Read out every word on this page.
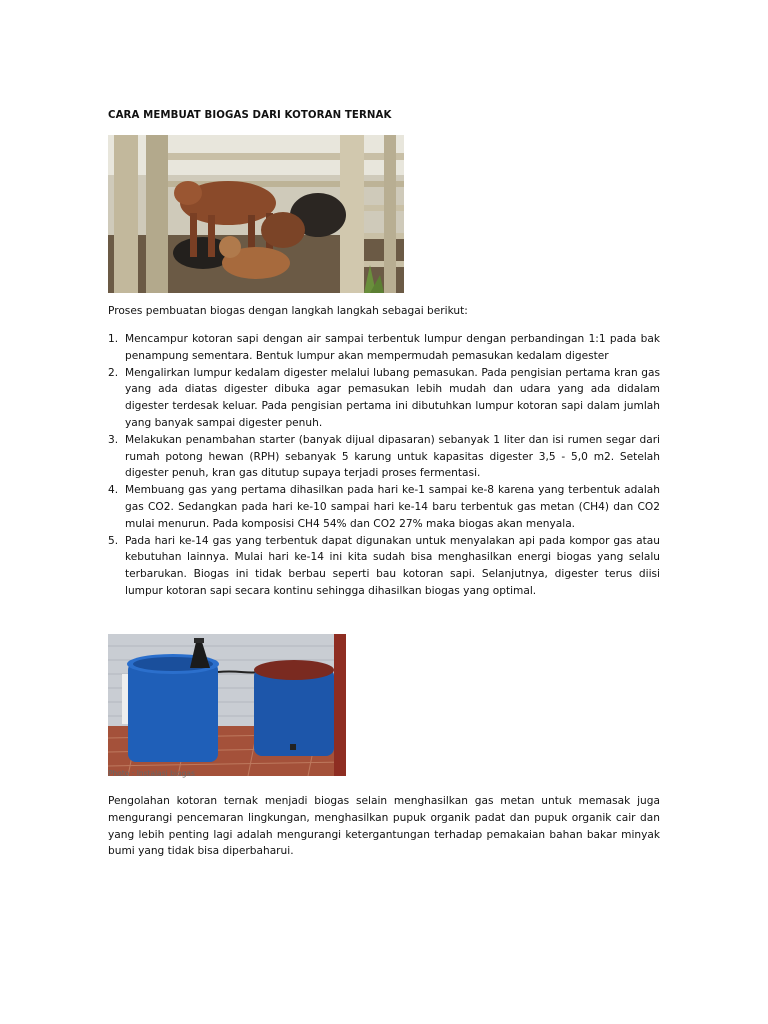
CARA MEMBUAT BIOGAS DARI KOTORAN TERNAK
Proses pembuatan biogas dengan langkah langkah sebagai berikut:
1. Mencampur kotoran sapi dengan air sampai terbentuk lumpur dengan perbandingan 1:1 pada bak penampung sementara. Bentuk lumpur akan mempermudah pemasukan kedalam digester
2. Mengalirkan lumpur kedalam digester melalui lubang pemasukan. Pada pengisian pertama kran gas yang ada diatas digester dibuka agar pemasukan lebih mudah dan udara yang ada didalam digester terdesak keluar. Pada pengisian pertama ini dibutuhkan lumpur kotoran sapi dalam jumlah yang banyak sampai digester penuh.
3. Melakukan penambahan starter (banyak dijual dipasaran) sebanyak 1 liter dan isi rumen segar dari rumah potong hewan (RPH) sebanyak 5 karung untuk kapasitas digester 3,5 - 5,0 m2. Setelah digester penuh, kran gas ditutup supaya terjadi proses fermentasi.
4. Membuang gas yang pertama dihasilkan pada hari ke-1 sampai ke-8 karena yang terbentuk adalah gas CO2. Sedangkan pada hari ke-10 sampai hari ke-14 baru terbentuk gas metan (CH4) dan CO2 mulai menurun. Pada komposisi CH4 54% dan CO2 27% maka biogas akan menyala.
5. Pada hari ke-14 gas yang terbentuk dapat digunakan untuk menyalakan api pada kompor gas atau kebutuhan lainnya. Mulai hari ke-14 ini kita sudah bisa menghasilkan energi biogas yang selalu terbarukan. Biogas ini tidak berbau seperti bau kotoran sapi. Selanjutnya, digester terus diisi lumpur kotoran sapi secara kontinu sehingga dihasilkan biogas yang optimal.
Photo : Instalasi biogas
Pengolahan kotoran ternak menjadi biogas selain menghasilkan gas metan untuk memasak juga mengurangi pencemaran lingkungan, menghasilkan pupuk organik padat dan pupuk organik cair dan yang lebih penting lagi adalah mengurangi ketergantungan terhadap pemakaian bahan bakar minyak bumi yang tidak bisa diperbaharui.
